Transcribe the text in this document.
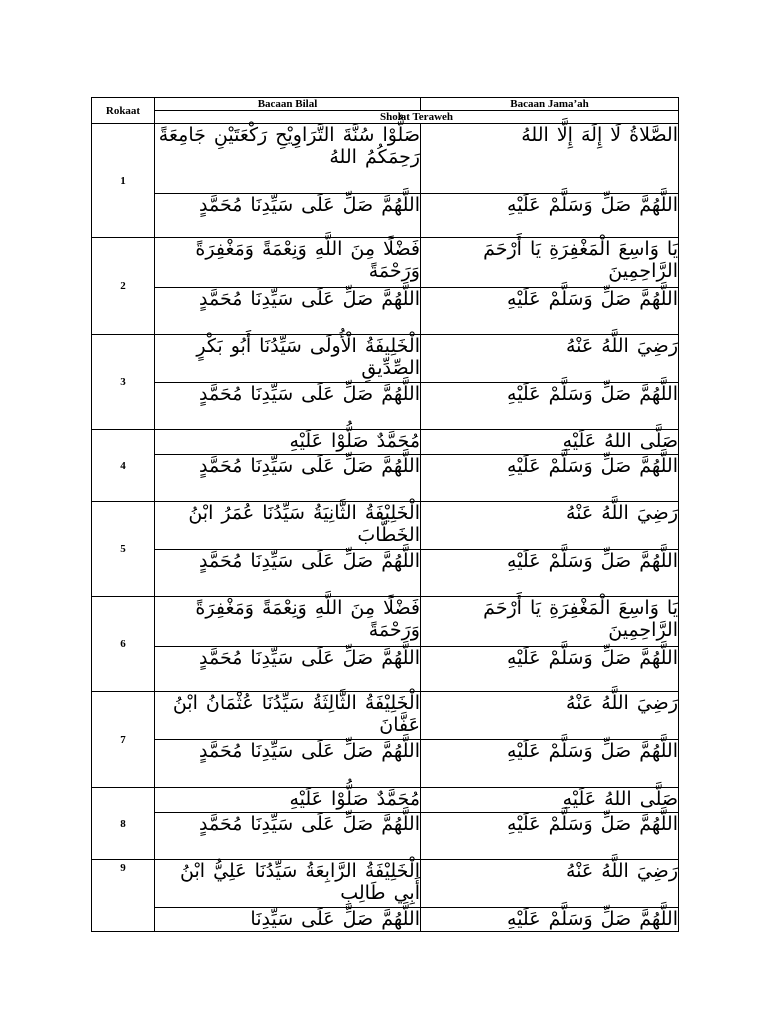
Rokaat	Bacaan Bilal	Bacaan Jama’ah
	Sholat Teraweh	
1	صَلُّوْا سُنَّةَ التَّرَاوِيْحِ رَكْعَتَيْنِ جَامِعَةً رَحِمَكُمُ اللهُ	الصَّلاةُ لَا إِلَهَ إِلَّا اللهُ
	اللَّهُمَّ صَلِّ عَلَى سَيِّدِنَا مُحَمَّدٍ	اللَّهُمَّ صَلِّ وَسَلَّمْ عَلَيْهِ
2	فَضْلًا مِنَ اللَّهِ وَنِعْمَةً وَمَغْفِرَةً وَرَحْمَةً	يَا وَاسِعَ الْمَغْفِرَةِ يَا أَرْحَمَ الرَّاحِمِينَ
	اللَّهُمَّ صَلِّ عَلَى سَيِّدِنَا مُحَمَّدٍ	اللَّهُمَّ صَلِّ وَسَلَّمْ عَلَيْهِ
3	الْخَلِيفَةُ الْأُولَى سَيِّدُنَا أَبُو بَكْرٍ الصِّدِّيقِ	رَضِيَ اللَّهُ عَنْهُ
	اللَّهُمَّ صَلِّ عَلَى سَيِّدِنَا مُحَمَّدٍ	اللَّهُمَّ صَلِّ وَسَلَّمْ عَلَيْهِ
4	مُحَمَّدٌ صَلُّوْا عَلَيْهِ	صَلَّى اللهُ عَلَيْهِ
	اللَّهُمَّ صَلِّ عَلَى سَيِّدِنَا مُحَمَّدٍ	اللَّهُمَّ صَلِّ وَسَلَّمْ عَلَيْهِ
5	الْخَلِيْفَةُ الثَّانِيَةُ سَيِّدُنَا عُمَرُ ابْنُ الخَطَّابَ	رَضِيَ اللَّهُ عَنْهُ
	اللَّهُمَّ صَلِّ عَلَى سَيِّدِنَا مُحَمَّدٍ	اللَّهُمَّ صَلِّ وَسَلَّمْ عَلَيْهِ
6	فَضْلًا مِنَ اللَّهِ وَنِعْمَةً وَمَغْفِرَةً وَرَحْمَةً	يَا وَاسِعَ الْمَغْفِرَةِ يَا أَرْحَمَ الرَّاحِمِينَ
	اللَّهُمَّ صَلِّ عَلَى سَيِّدِنَا مُحَمَّدٍ	اللَّهُمَّ صَلِّ وَسَلَّمْ عَلَيْهِ
7	الْخَلِيْفَةُ الثَّالِثَةُ سَيِّدُنَا عُثْمَانُ ابْنُ عَفَّانَ	رَضِيَ اللَّهُ عَنْهُ
	اللَّهُمَّ صَلِّ عَلَى سَيِّدِنَا مُحَمَّدٍ	اللَّهُمَّ صَلِّ وَسَلَّمْ عَلَيْهِ
8	مُحَمَّدٌ صَلُّوْا عَلَيْهِ	صَلَّى اللهُ عَلَيْهِ
	اللَّهُمَّ صَلِّ عَلَى سَيِّدِنَا مُحَمَّدٍ	اللَّهُمَّ صَلِّ وَسَلَّمْ عَلَيْهِ
9	الْخَلِيْفَةُ الرَّابِعَةُ سَيِّدُنَا عَلِيُّ ابْنُ أَبِي طَالِبِ	رَضِيَ اللَّهُ عَنْهُ
	اللَّهُمَّ صَلِّ عَلَى سَيِّدِنَا	اللَّهُمَّ صَلِّ وَسَلَّمْ عَلَيْهِ
